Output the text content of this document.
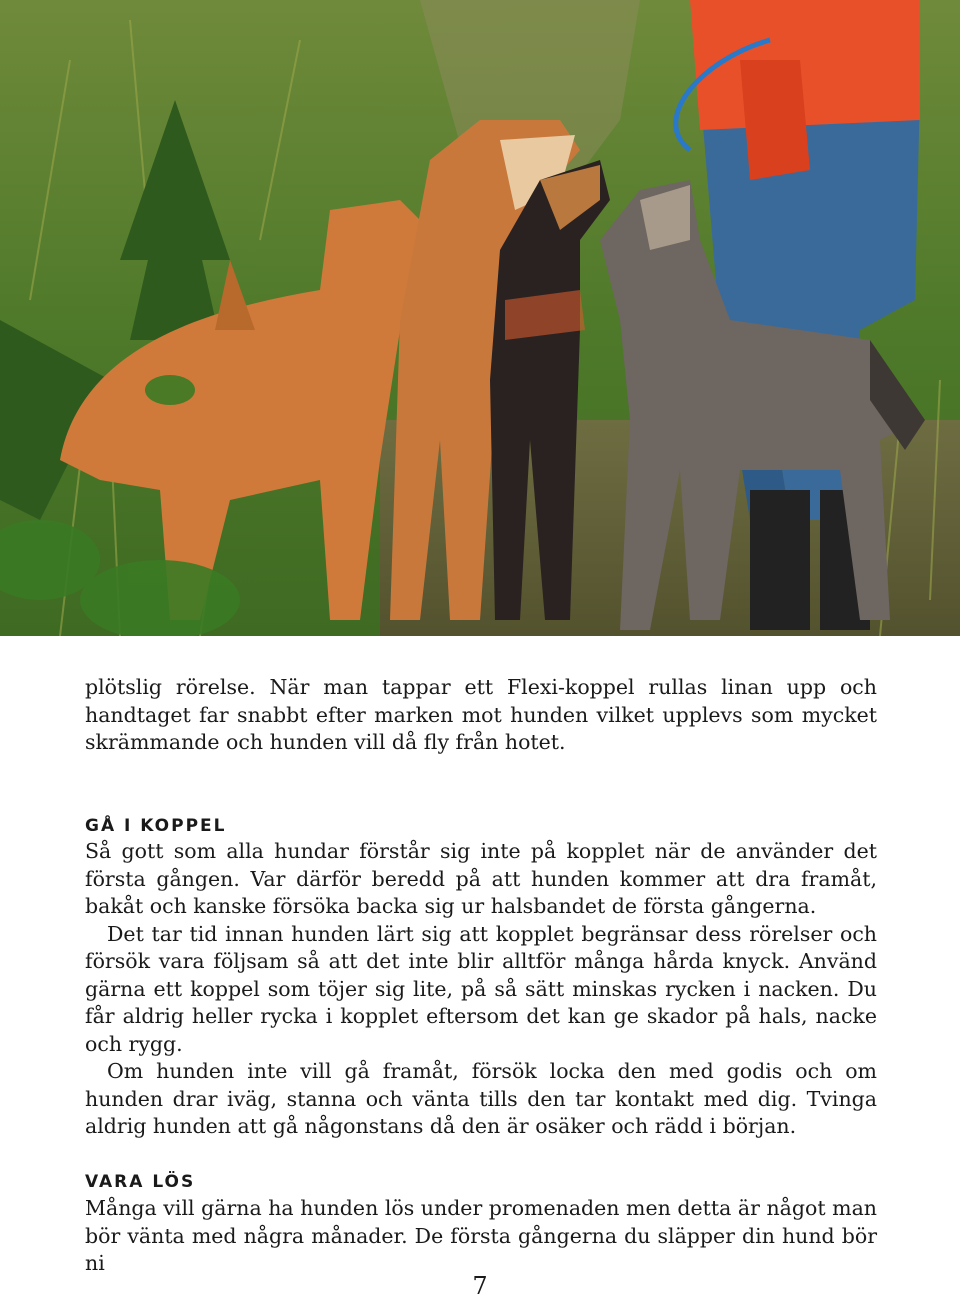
plötslig rörelse. När man tappar ett Flexi-koppel rullas linan upp och handtaget far snabbt efter marken mot hunden vilket upplevs som mycket skrämmande och hunden vill då fly från hotet.

GÅ I KOPPEL

Så gott som alla hundar förstår sig inte på kopplet när de använder det första gången. Var därför beredd på att hunden kommer att dra framåt, bakåt och kanske försöka backa sig ur halsbandet de första gångerna.

Det tar tid innan hunden lärt sig att kopplet begränsar dess rörelser och försök vara följsam så att det inte blir alltför många hårda knyck. Använd gärna ett koppel som töjer sig lite, på så sätt minskas rycken i nacken. Du får aldrig heller rycka i kopplet eftersom det kan ge skador på hals, nacke och rygg.

Om hunden inte vill gå framåt, försök locka den med godis och om hunden drar iväg, stanna och vänta tills den tar kontakt med dig. Tvinga aldrig hunden att gå någonstans då den är osäker och rädd i början.

VARA LÖS

Många vill gärna ha hunden lös under promenaden men detta är något man bör vänta med några månader. De första gångerna du släpper din hund bör ni

7
